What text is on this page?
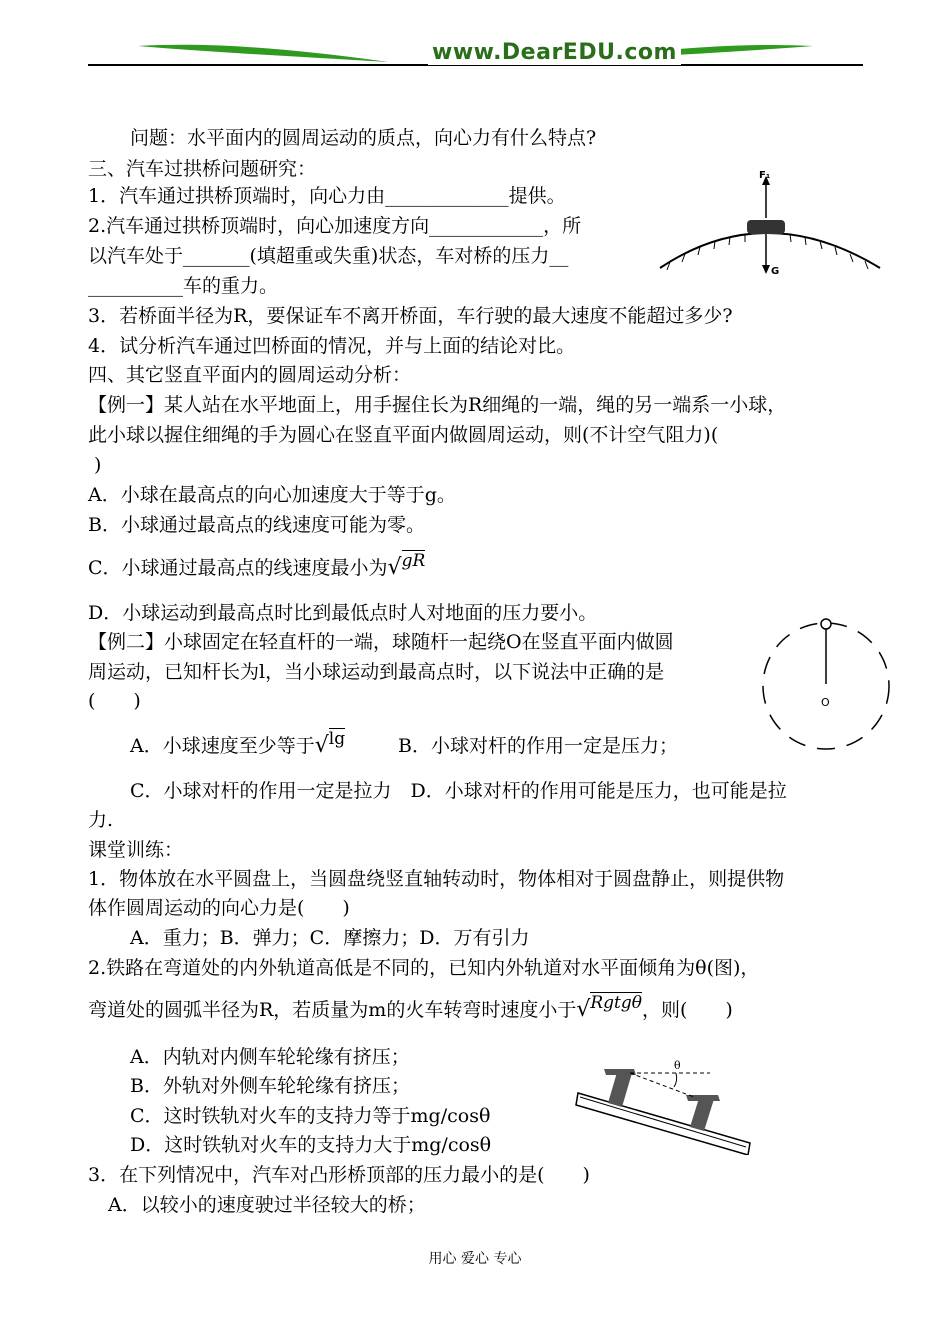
www.DearEDU.com
问题：水平面内的圆周运动的质点，向心力有什么特点?
三、汽车过拱桥问题研究：
1．汽车通过拱桥顶端时，向心力由_____________提供。
2.汽车通过拱桥顶端时，向心加速度方向____________，所
以汽车处于_______(填超重或失重)状态，车对桥的压力__
__________车的重力。
3．若桥面半径为R，要保证车不离开桥面，车行驶的最大速度不能超过多少?
4．试分析汽车通过凹桥面的情况，并与上面的结论对比。
四、其它竖直平面内的圆周运动分析：
【例一】某人站在水平地面上，用手握住长为R细绳的一端，绳的另一端系一小球，
此小球以握住细绳的手为圆心在竖直平面内做圆周运动，则(不计空气阻力)(
)
A．小球在最高点的向心加速度大于等于g。
B．小球通过最高点的线速度可能为零。
C．小球通过最高点的线速度最小为√gR
D．小球运动到最高点时比到最低点时人对地面的压力要小。
【例二】小球固定在轻直杆的一端，球随杆一起绕O在竖直平面内做圆
周运动，已知杆长为l，当小球运动到最高点时，以下说法中正确的是
(　　)
A．小球速度至少等于√lg	B．小球对杆的作用一定是压力；
C．小球对杆的作用一定是拉力　D．小球对杆的作用可能是压力，也可能是拉
力.
课堂训练：
1．物体放在水平圆盘上，当圆盘绕竖直轴转动时，物体相对于圆盘静止，则提供物
体作圆周运动的向心力是(　　)
A．重力；B．弹力；C．摩擦力；D．万有引力
2.铁路在弯道处的内外轨道高低是不同的，已知内外轨道对水平面倾角为θ(图)，
弯道处的圆弧半径为R，若质量为m的火车转弯时速度小于√Rgtgθ，则(　　)
A．内轨对内侧车轮轮缘有挤压；
B．外轨对外侧车轮轮缘有挤压；
C．这时铁轨对火车的支持力等于mg/cosθ
D．这时铁轨对火车的支持力大于mg/cosθ
3．在下列情况中，汽车对凸形桥顶部的压力最小的是(　　)
A．以较小的速度驶过半径较大的桥；
F₁
G
O
θ
用心 爱心 专心
